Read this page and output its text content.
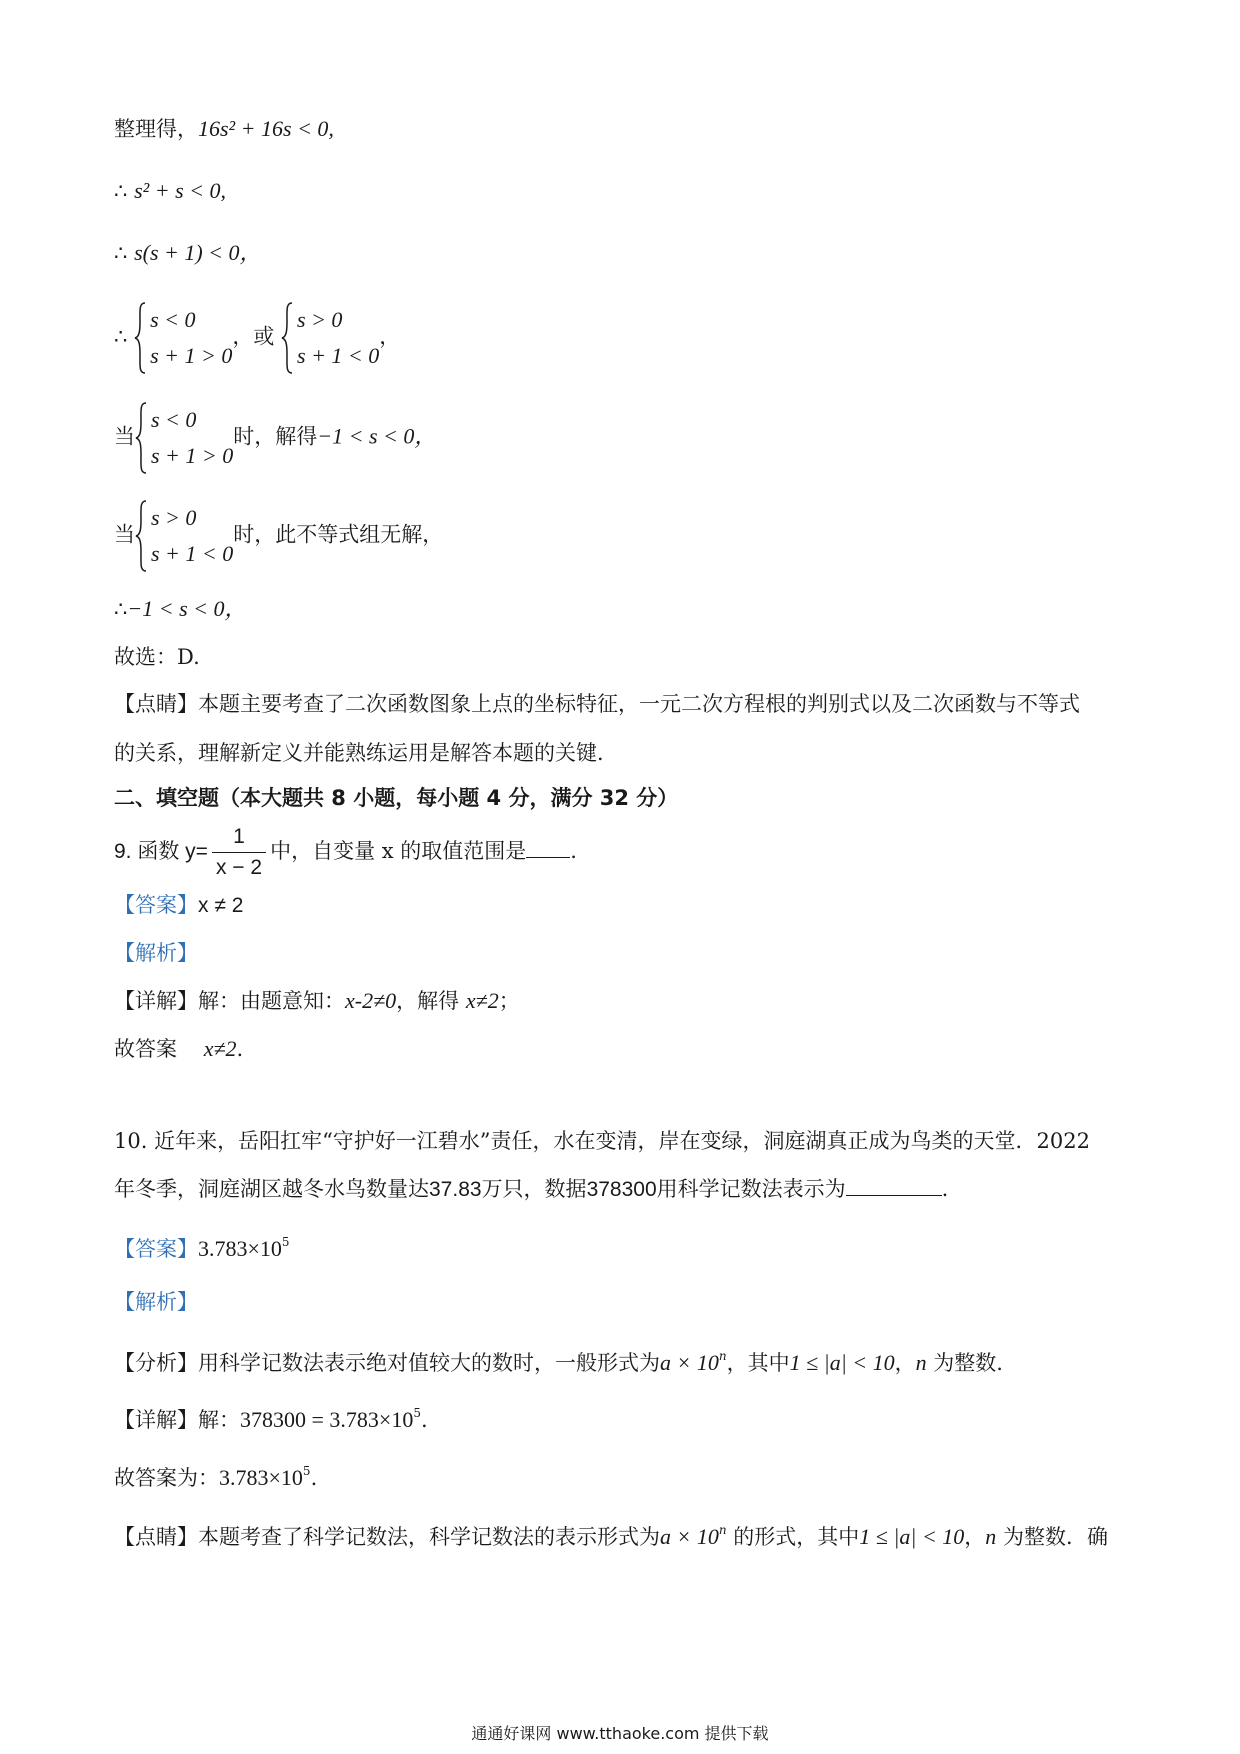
整理得，16s² + 16s < 0,
∴ s² + s < 0,
∴ s(s + 1) < 0，
∴
s < 0
s + 1 > 0
，或
s > 0
s + 1 < 0
，
当
s < 0
s + 1 > 0
时，解得−1 < s < 0，
当
s > 0
s + 1 < 0
时，此不等式组无解，
∴−1 < s < 0，
故选：D.
【点睛】本题主要考查了二次函数图象上点的坐标特征，一元二次方程根的判别式以及二次函数与不等式
的关系，理解新定义并能熟练运用是解答本题的关键．
二、填空题（本大题共 8 小题，每小题 4 分，满分 32 分）
9. 函数 $y= \frac{1}{x - 2}$ 中，自变量 x 的取值范围是 .
【答案】x ≠ 2
【解析】
【详解】解：由题意知：x-2≠0，解得 x≠2；
故答案 x≠2.
10. 近年来，岳阳扛牢“守护好一江碧水”责任，水在变清，岸在变绿，洞庭湖真正成为鸟类的天堂．2022
年冬季，洞庭湖区越冬水鸟数量达37.83万只，数据378300用科学记数法表示为	.
【答案】$3.783\times 10^5$
【解析】
【分析】用科学记数法表示绝对值较大的数时，一般形式为$a \times 10^n$，其中1 ≤ |a| < 10，n 为整数.
【详解】解：$378300 = 3.783\times 10^5$.
故答案为：$3.783\times 10^5$.
【点睛】本题考查了科学记数法，科学记数法的表示形式为$a \times 10^n$ 的形式，其中1 ≤ |a| < 10，n 为整数．确
通通好课网 www.tthaoke.com 提供下载
